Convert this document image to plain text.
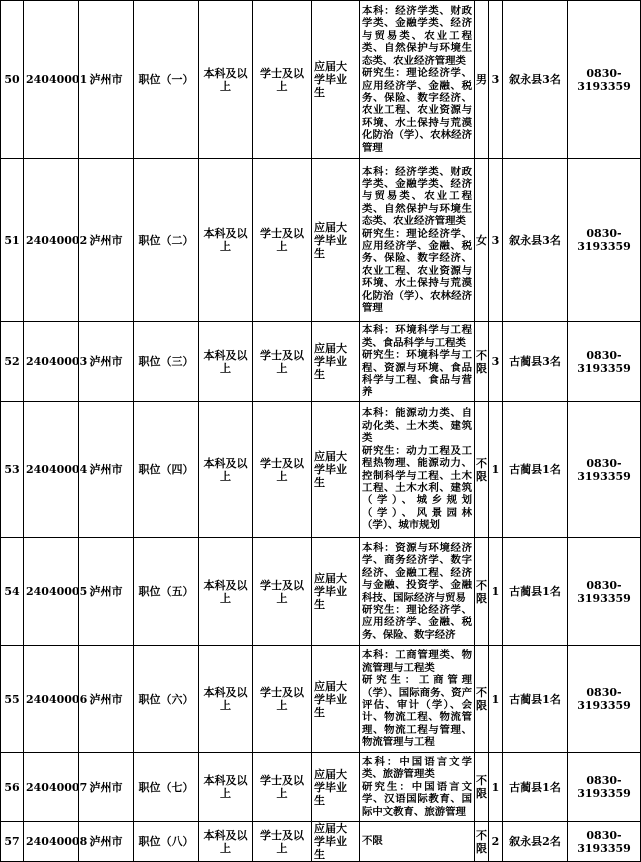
50	24040001	泸州市	职位（一）	本科及以上	学士及以上	应届大学毕业生	本科：经济学类、财政学类、金融学类、经济与贸易类、农业工程类、自然保护与环境生态类、农业经济管理类
研究生：理论经济学、应用经济学、金融、税务、保险、数字经济、农业工程、农业资源与环境、水土保持与荒漠化防治（学）、农林经济管理	男	3	叙永县3名	0830-3193359
51	24040002	泸州市	职位（二）	本科及以上	学士及以上	应届大学毕业生	本科：经济学类、财政学类、金融学类、经济与贸易类、农业工程类、自然保护与环境生态类、农业经济管理类
研究生：理论经济学、应用经济学、金融、税务、保险、数字经济、农业工程、农业资源与环境、水土保持与荒漠化防治（学）、农林经济管理	女	3	叙永县3名	0830-3193359
52	24040003	泸州市	职位（三）	本科及以上	学士及以上	应届大学毕业生	本科：环境科学与工程类、食品科学与工程类
研究生：环境科学与工程、资源与环境、食品科学与工程、食品与营养	不限	3	古蔺县3名	0830-3193359
53	24040004	泸州市	职位（四）	本科及以上	学士及以上	应届大学毕业生	本科：能源动力类、自动化类、土木类、建筑类
研究生：动力工程及工程热物理、能源动力、控制科学与工程、土木工程、土木水利、建筑（学）、城乡规划（学）、风景园林（学）、城市规划	不限	1	古蔺县1名	0830-3193359
54	24040005	泸州市	职位（五）	本科及以上	学士及以上	应届大学毕业生	本科：资源与环境经济学、商务经济学、数字经济、金融工程、经济与金融、投资学、金融科技、国际经济与贸易
研究生：理论经济学、应用经济学、金融、税务、保险、数字经济	不限	1	古蔺县1名	0830-3193359
55	24040006	泸州市	职位（六）	本科及以上	学士及以上	应届大学毕业生	本科：工商管理类、物流管理与工程类
研究生：工商管理（学）、国际商务、资产评估、审计（学）、会计、物流工程、物流管理、物流工程与管理、物流管理与工程	不限	1	古蔺县1名	0830-3193359
56	24040007	泸州市	职位（七）	本科及以上	学士及以上	应届大学毕业生	本科：中国语言文学类、旅游管理类
研究生：中国语言文学、汉语国际教育、国际中文教育、旅游管理	不限	1	古蔺县1名	0830-3193359
57	24040008	泸州市	职位（八）	本科及以上	学士及以上	应届大学毕业生	不限	不限	2	叙永县2名	0830-3193359
